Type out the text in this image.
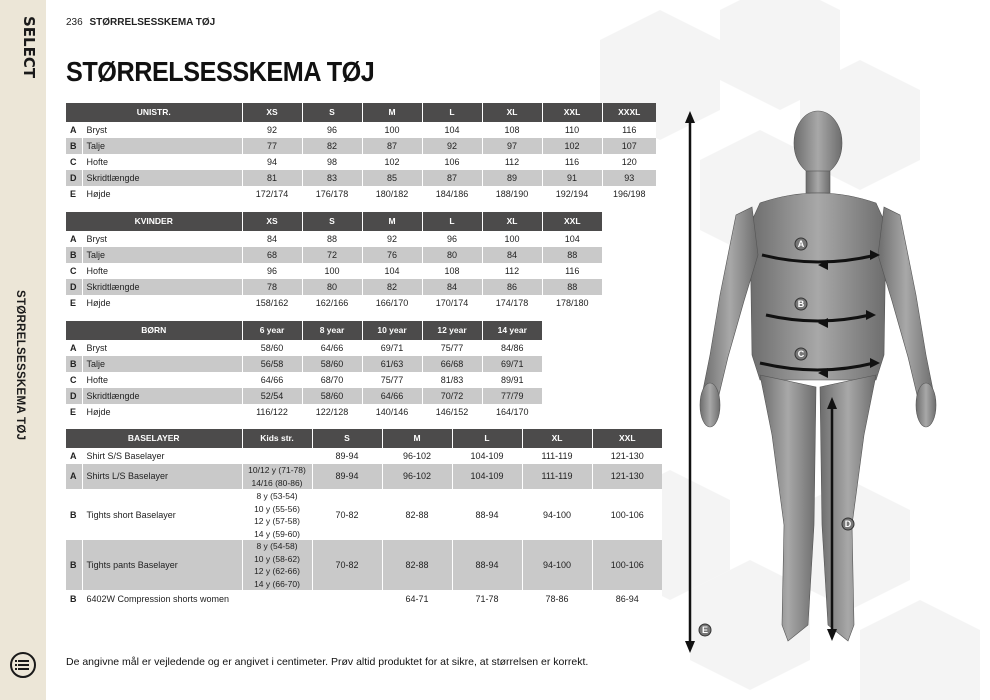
SELECT
STØRRELSESSKEMA TØJ
236 STØRRELSESSKEMA TØJ
STØRRELSESSKEMA TØJ
UNISTR.		XS	S	M	L	XL	XXL	XXXL
A	Bryst	92	96	100	104	108	110	116
B	Talje	77	82	87	92	97	102	107
C	Hofte	94	98	102	106	112	116	120
D	Skridtlængde	81	83	85	87	89	91	93
E	Højde	172/174	176/178	180/182	184/186	188/190	192/194	196/198
KVINDER		XS	S	M	L	XL	XXL
A	Bryst	84	88	92	96	100	104
B	Talje	68	72	76	80	84	88
C	Hofte	96	100	104	108	112	116
D	Skridtlængde	78	80	82	84	86	88
E	Højde	158/162	162/166	166/170	170/174	174/178	178/180
BØRN		6 year	8 year	10 year	12 year	14 year
A	Bryst	58/60	64/66	69/71	75/77	84/86
B	Talje	56/58	58/60	61/63	66/68	69/71
C	Hofte	64/66	68/70	75/77	81/83	89/91
D	Skridtlængde	52/54	58/60	64/66	70/72	77/79
E	Højde	116/122	122/128	140/146	146/152	164/170
BASELAYER		Kids str.	S	M	L	XL	XXL
A	Shirt S/S Baselayer		89-94	96-102	104-109	111-119	121-130
A	Shirts L/S Baselayer	10/12 y (71-78)
14/16 (80-86)	89-94	96-102	104-109	111-119	121-130
B	Tights short Baselayer	8 y (53-54)
10 y (55-56)
12 y (57-58)
14 y (59-60)	70-82	82-88	88-94	94-100	100-106
B	Tights pants Baselayer	8 y (54-58)
10 y (58-62)
12 y (62-66)
14 y (66-70)	70-82	82-88	88-94	94-100	100-106
B	6402W Compression shorts women			64-71	71-78	78-86	86-94
De angivne mål er vejledende og er angivet i centimeter. Prøv altid produktet for at sikre, at størrelsen er korrekt.
A
B
C
D
E
